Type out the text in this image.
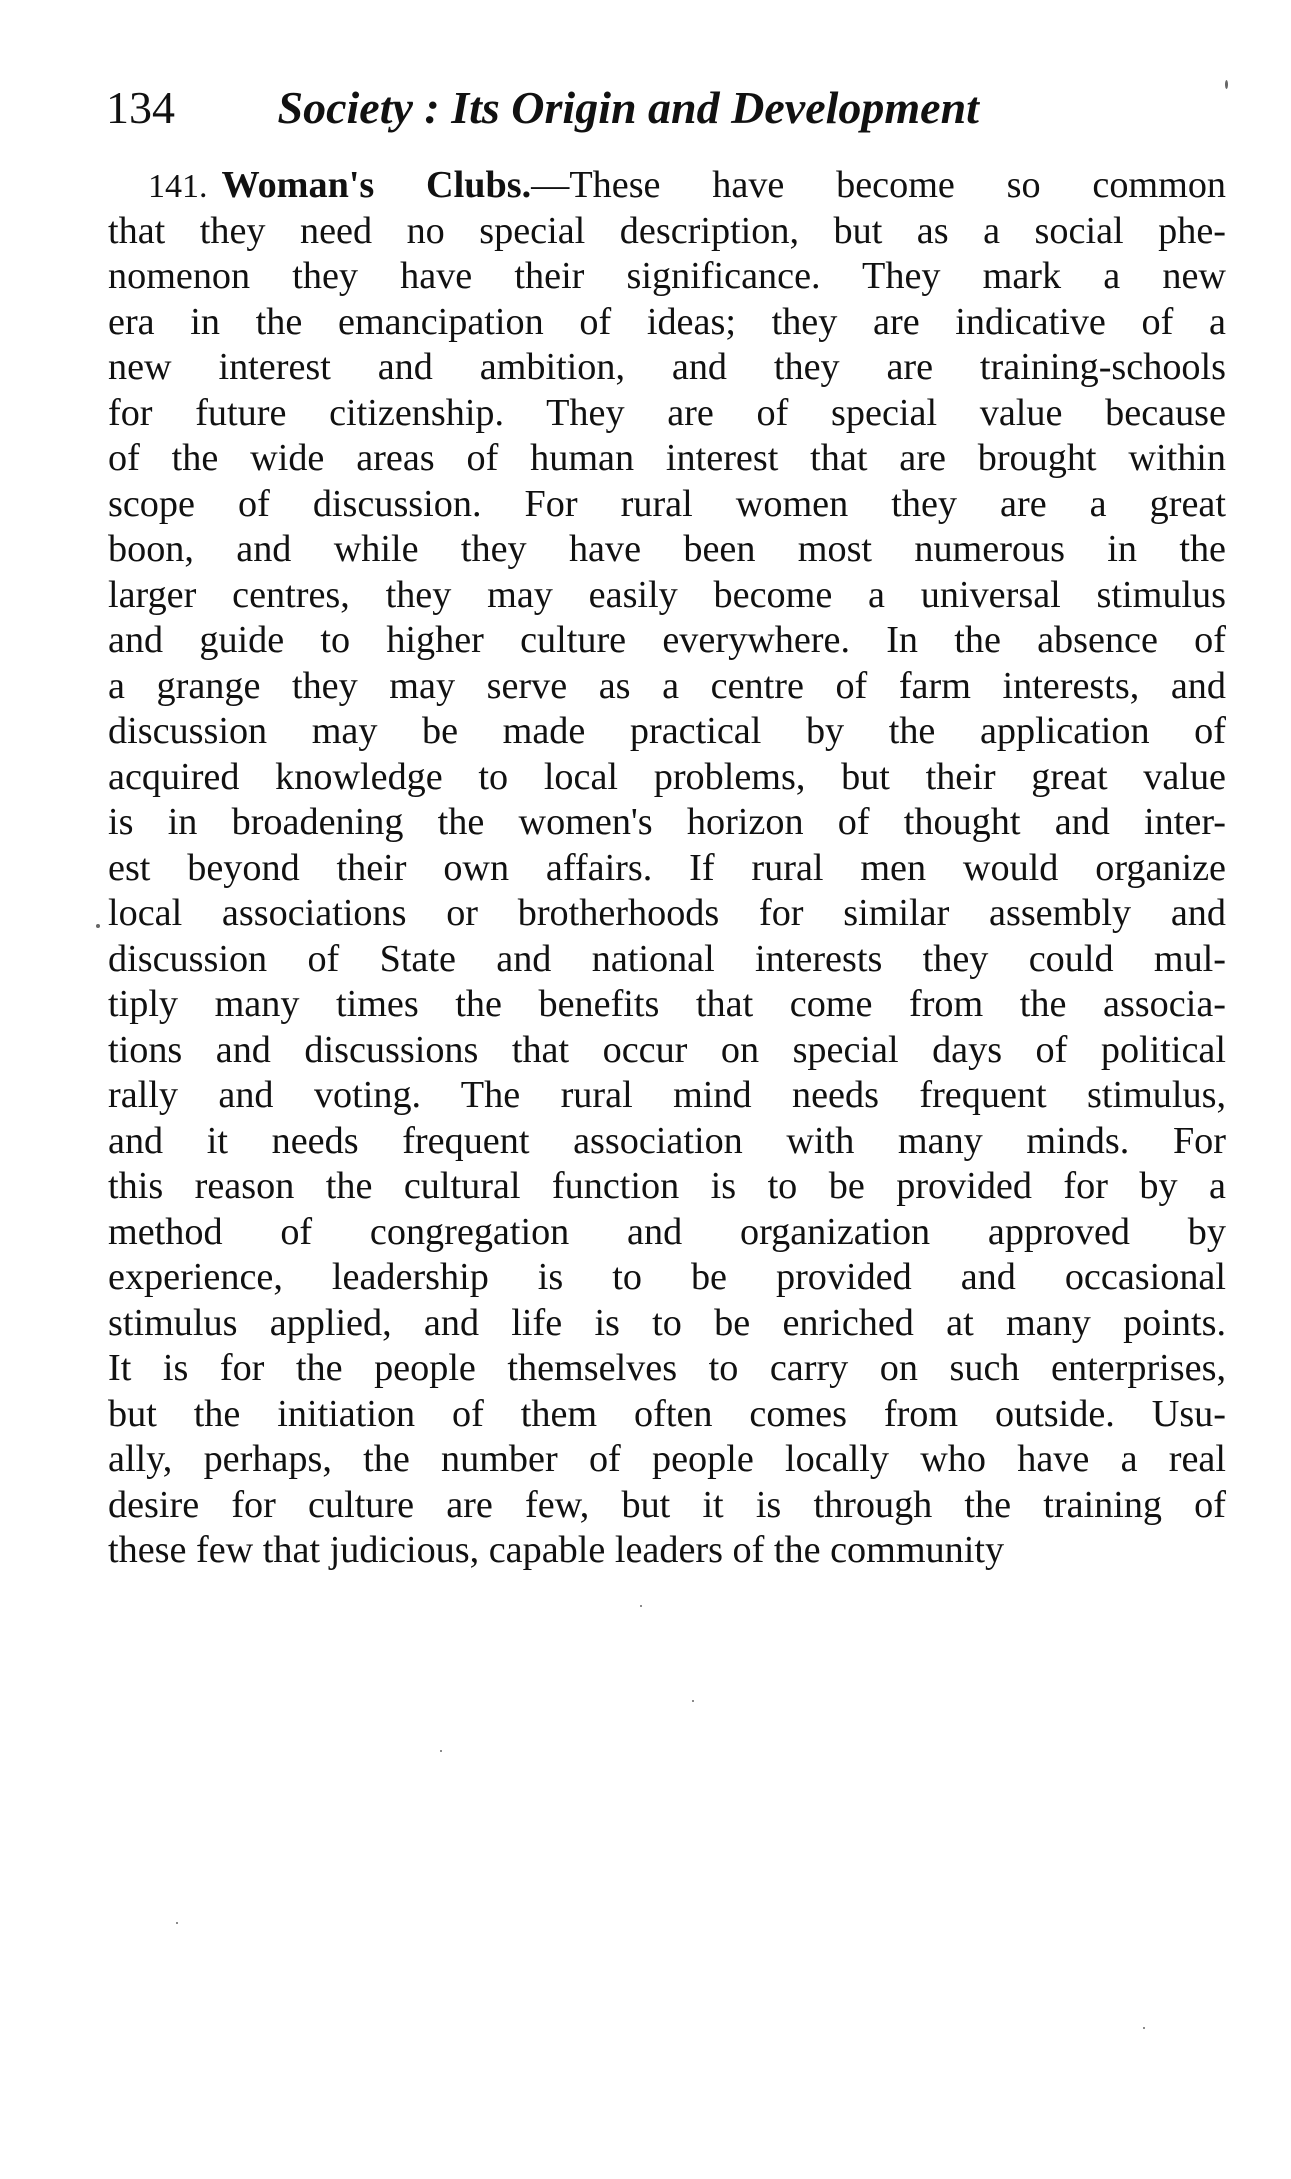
134 Society : Its Origin and Development
141. Woman's Clubs.—These have become so common
that they need no special description, but as a social phe-
nomenon they have their significance. They mark a new
era in the emancipation of ideas; they are indicative of a
new interest and ambition, and they are training-schools
for future citizenship. They are of special value because
of the wide areas of human interest that are brought within
scope of discussion. For rural women they are a great
boon, and while they have been most numerous in the
larger centres, they may easily become a universal stimulus
and guide to higher culture everywhere. In the absence of
a grange they may serve as a centre of farm interests, and
discussion may be made practical by the application of
acquired knowledge to local problems, but their great value
is in broadening the women's horizon of thought and inter-
est beyond their own affairs. If rural men would organize
local associations or brotherhoods for similar assembly and
discussion of State and national interests they could mul-
tiply many times the benefits that come from the associa-
tions and discussions that occur on special days of political
rally and voting. The rural mind needs frequent stimulus,
and it needs frequent association with many minds. For
this reason the cultural function is to be provided for by a
method of congregation and organization approved by
experience, leadership is to be provided and occasional
stimulus applied, and life is to be enriched at many points.
It is for the people themselves to carry on such enterprises,
but the initiation of them often comes from outside. Usu-
ally, perhaps, the number of people locally who have a real
desire for culture are few, but it is through the training of
these few that judicious, capable leaders of the community
